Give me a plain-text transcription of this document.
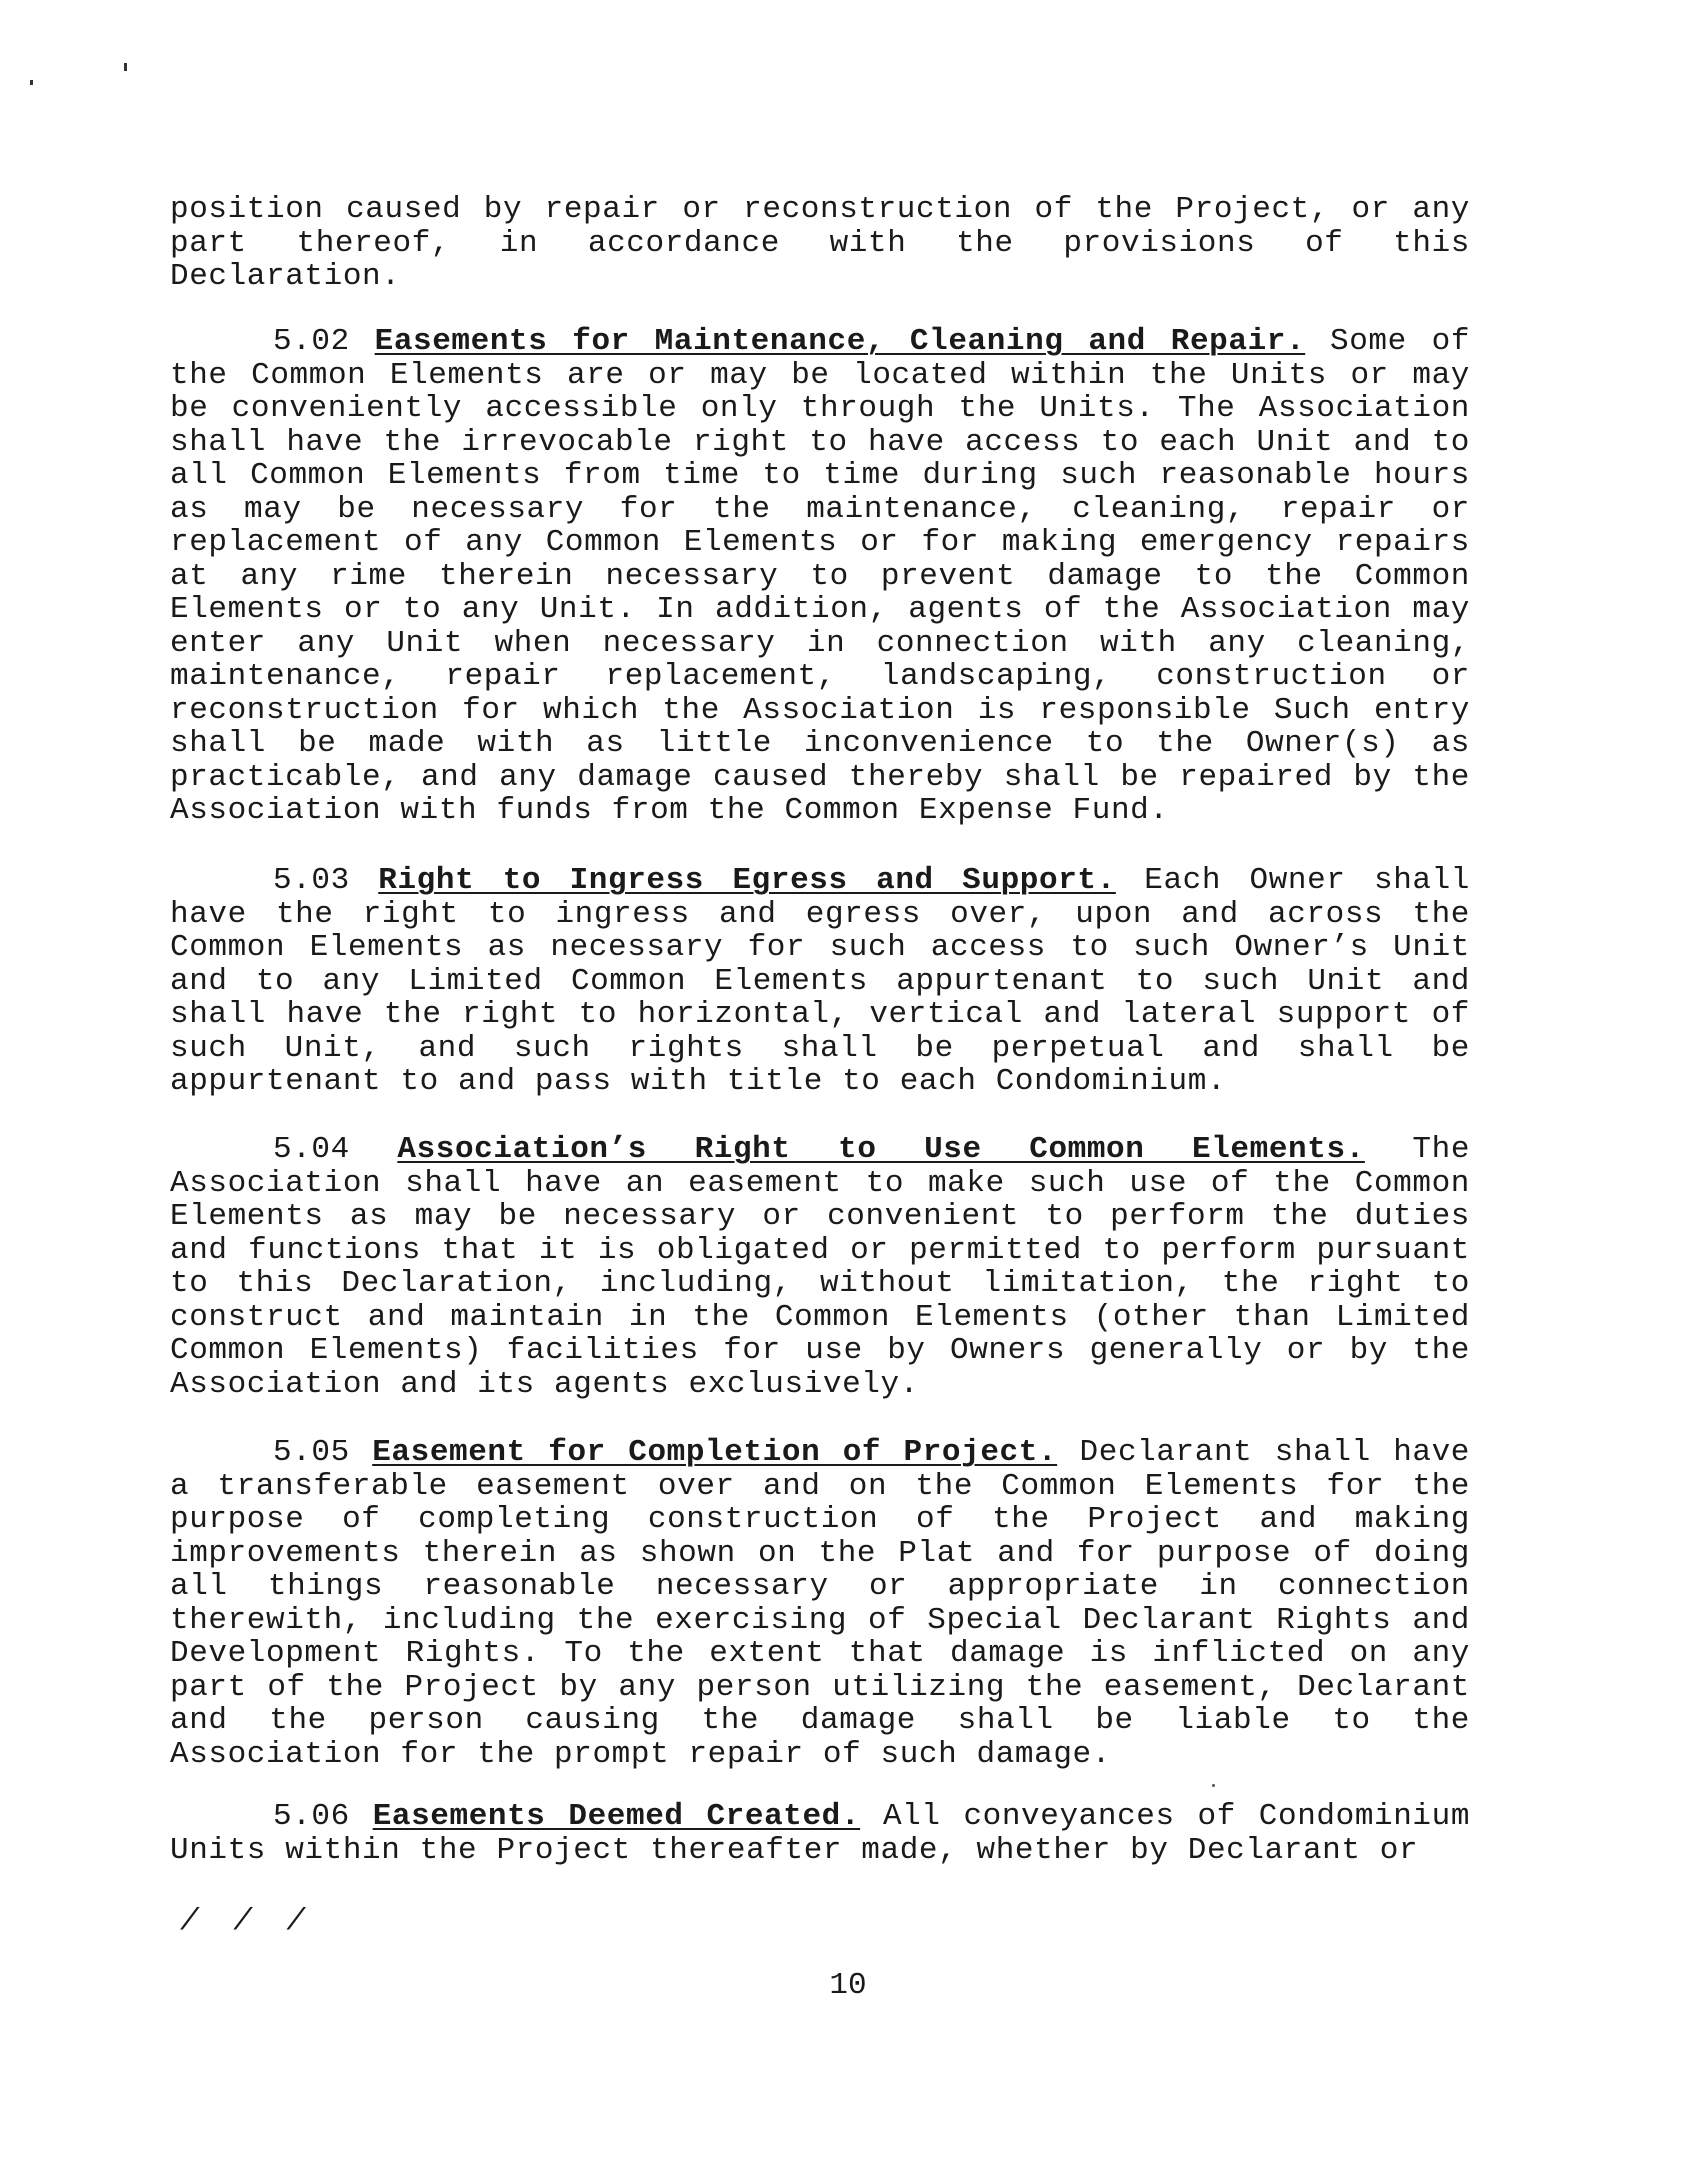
position caused by repair or reconstruction of the Project, or any part thereof, in accordance with the provisions of this Declaration.

5.02 Easements for Maintenance, Cleaning and Repair. Some of the Common Elements are or may be located within the Units or may be conveniently accessible only through the Units. The Association shall have the irrevocable right to have access to each Unit and to all Common Elements from time to time during such reasonable hours as may be necessary for the maintenance, cleaning, repair or replacement of any Common Elements or for making emergency repairs at any rime therein necessary to prevent damage to the Common Elements or to any Unit. In addition, agents of the Association may enter any Unit when necessary in connection with any cleaning, maintenance, repair replacement, landscaping, construction or reconstruction for which the Association is responsible Such entry shall be made with as little inconvenience to the Owner(s) as practicable, and any damage caused thereby shall be repaired by the Association with funds from the Common Expense Fund.

5.03 Right to Ingress Egress and Support. Each Owner shall have the right to ingress and egress over, upon and across the Common Elements as necessary for such access to such Owner’s Unit and to any Limited Common Elements appurtenant to such Unit and shall have the right to horizontal, vertical and lateral support of such Unit, and such rights shall be perpetual and shall be appurtenant to and pass with title to each Condominium.

5.04 Association’s Right to Use Common Elements. The Association shall have an easement to make such use of the Common Elements as may be necessary or convenient to perform the duties and functions that it is obligated or permitted to perform pursuant to this Declaration, including, without limitation, the right to construct and maintain in the Common Elements (other than Limited Common Elements) facilities for use by Owners generally or by the Association and its agents exclusively.

5.05 Easement for Completion of Project. Declarant shall have a transferable easement over and on the Common Elements for the purpose of completing construction of the Project and making improvements therein as shown on the Plat and for purpose of doing all things reasonable necessary or appropriate in connection therewith, including the exercising of Special Declarant Rights and Development Rights. To the extent that damage is inflicted on any part of the Project by any person utilizing the easement, Declarant and the person causing the damage shall be liable to the Association for the prompt repair of such damage.

5.06 Easements Deemed Created. All conveyances of Condominium Units within the Project thereafter made, whether by Declarant or

/ / /
10
